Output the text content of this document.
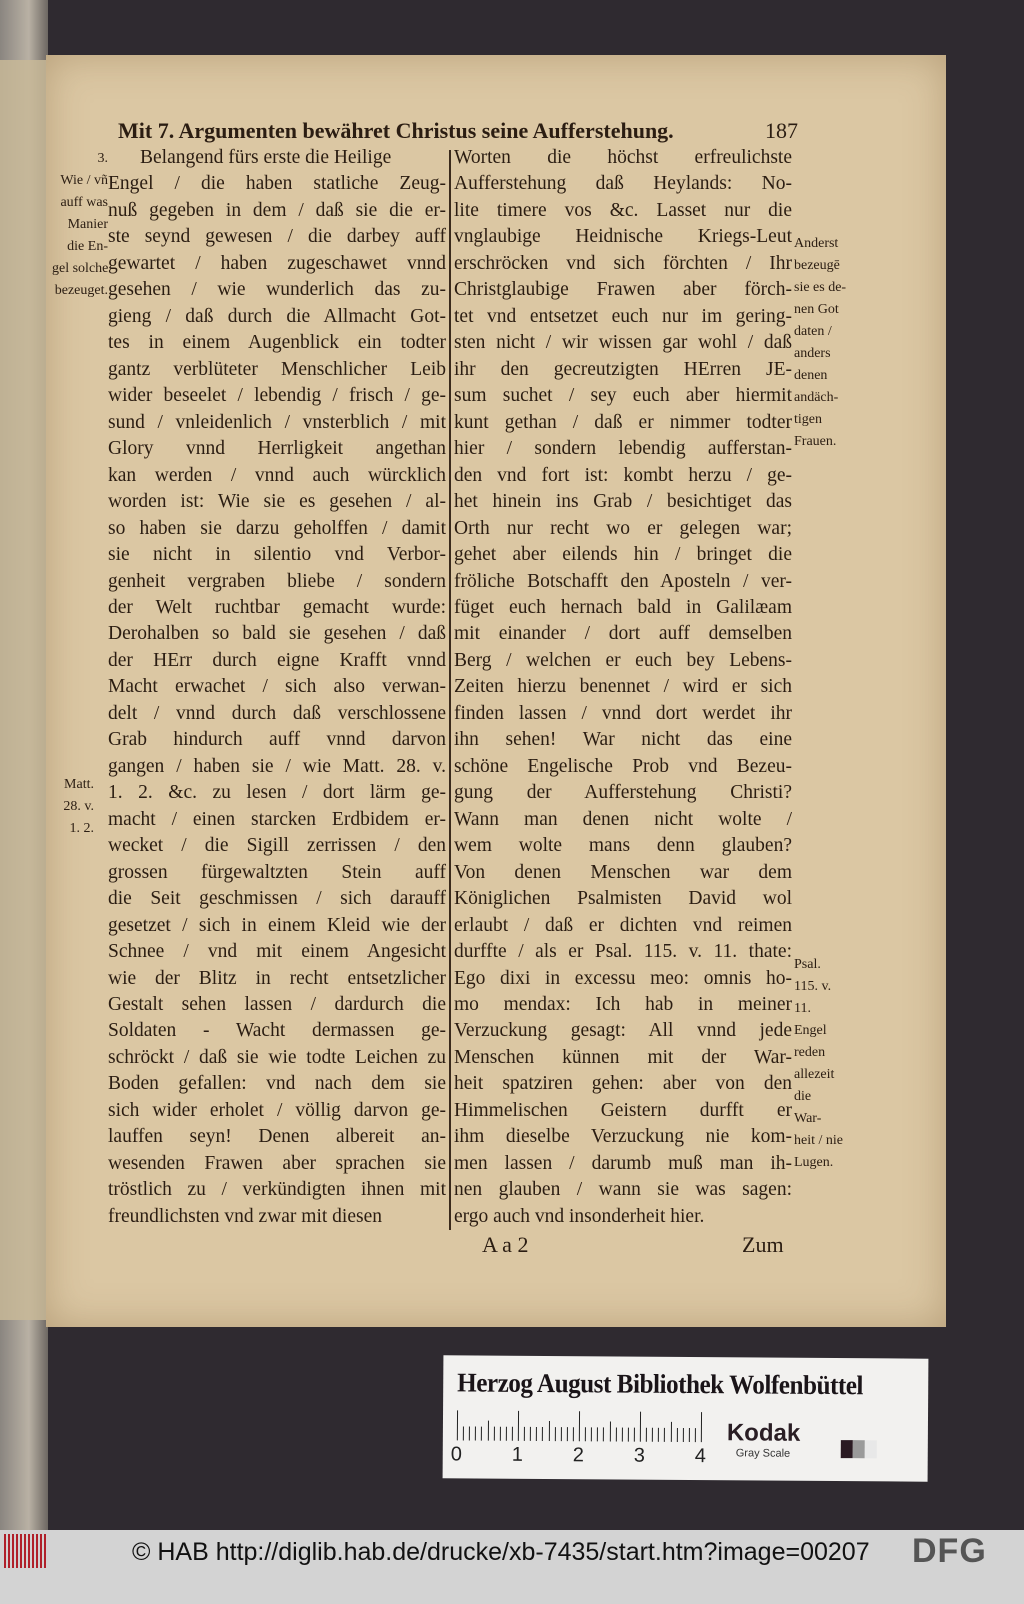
Mit 7. Argumenten bewähret Christus seine Aufferstehung.	187
Belangend fürs erste die Heilige
Engel / die haben statliche Zeug-
nuß gegeben in dem / daß sie die er-
ste seynd gewesen / die darbey auff
gewartet / haben zugeschawet vnnd
gesehen / wie wunderlich das zu-
gieng / daß durch die Allmacht Got-
tes in einem Augenblick ein todter
gantz verblüteter Menschlicher Leib
wider beseelet / lebendig / frisch / ge-
sund / vnleidenlich / vnsterblich / mit
Glory vnnd Herrligkeit angethan
kan werden / vnnd auch würcklich
worden ist: Wie sie es gesehen / al-
so haben sie darzu geholffen / damit
sie nicht in silentio vnd Verbor-
genheit vergraben bliebe / sondern
der Welt ruchtbar gemacht wurde:
Derohalben so bald sie gesehen / daß
der HErr durch eigne Krafft vnnd
Macht erwachet / sich also verwan-
delt / vnnd durch daß verschlossene
Grab hindurch auff vnnd darvon
gangen / haben sie / wie Matt. 28. v.
1. 2. &c. zu lesen / dort lärm ge-
macht / einen starcken Erdbidem er-
wecket / die Sigill zerrissen / den
grossen fürgewaltzten Stein auff
die Seit geschmissen / sich darauff
gesetzet / sich in einem Kleid wie der
Schnee / vnd mit einem Angesicht
wie der Blitz in recht entsetzlicher
Gestalt sehen lassen / dardurch die
Soldaten - Wacht dermassen ge-
schröckt / daß sie wie todte Leichen zu
Boden gefallen: vnd nach dem sie
sich wider erholet / völlig darvon ge-
lauffen seyn! Denen albereit an-
wesenden Frawen aber sprachen sie
tröstlich zu / verkündigten ihnen mit
freundlichsten vnd zwar mit diesen
Worten die höchst erfreulichste
Aufferstehung daß Heylands: No-
lite timere vos &c. Lasset nur die
vnglaubige Heidnische Kriegs-Leut
erschröcken vnd sich förchten / Ihr
Christglaubige Frawen aber förch-
tet vnd entsetzet euch nur im gering-
sten nicht / wir wissen gar wohl / daß
ihr den gecreutzigten HErren JE-
sum suchet / sey euch aber hiermit
kunt gethan / daß er nimmer todter
hier / sondern lebendig aufferstan-
den vnd fort ist: kombt herzu / ge-
het hinein ins Grab / besichtiget das
Orth nur recht wo er gelegen war;
gehet aber eilends hin / bringet die
fröliche Botschafft den Aposteln / ver-
füget euch hernach bald in Galilæam
mit einander / dort auff demselben
Berg / welchen er euch bey Lebens-
Zeiten hierzu benennet / wird er sich
finden lassen / vnnd dort werdet ihr
ihn sehen! War nicht das eine
schöne Engelische Prob vnd Bezeu-
gung der Aufferstehung Christi?
Wann man denen nicht wolte /
wem wolte mans denn glauben?
Von denen Menschen war dem
Königlichen Psalmisten David wol
erlaubt / daß er dichten vnd reimen
durffte / als er Psal. 115. v. 11. thate:
Ego dixi in excessu meo: omnis ho-
mo mendax: Ich hab in meiner
Verzuckung gesagt: All vnnd jede
Menschen künnen mit der War-
heit spatziren gehen: aber von den
Himmelischen Geistern durfft er
ihm dieselbe Verzuckung nie kom-
men lassen / darumb muß man ih-
nen glauben / wann sie was sagen:
ergo auch vnd insonderheit hier.
3.
Wie / vñ
auff was
Manier
die En-
gel solche
bezeuget.
Matt.
28. v.
1. 2.
Anderst
bezeugē
sie es de-
nen Got
daten /
anders
denen
andäch-
tigen
Frauen.
Psal.
115. v.
11.
Engel
reden
allezeit
die
War-
heit / nie
Lugen.
A a 2	Zum
Herzog August Bibliothek Wolfenbüttel
0 1 2 3 4
Kodak
Gray Scale
© HAB http://diglib.hab.de/drucke/xb-7435/start.htm?image=00207 DFG
